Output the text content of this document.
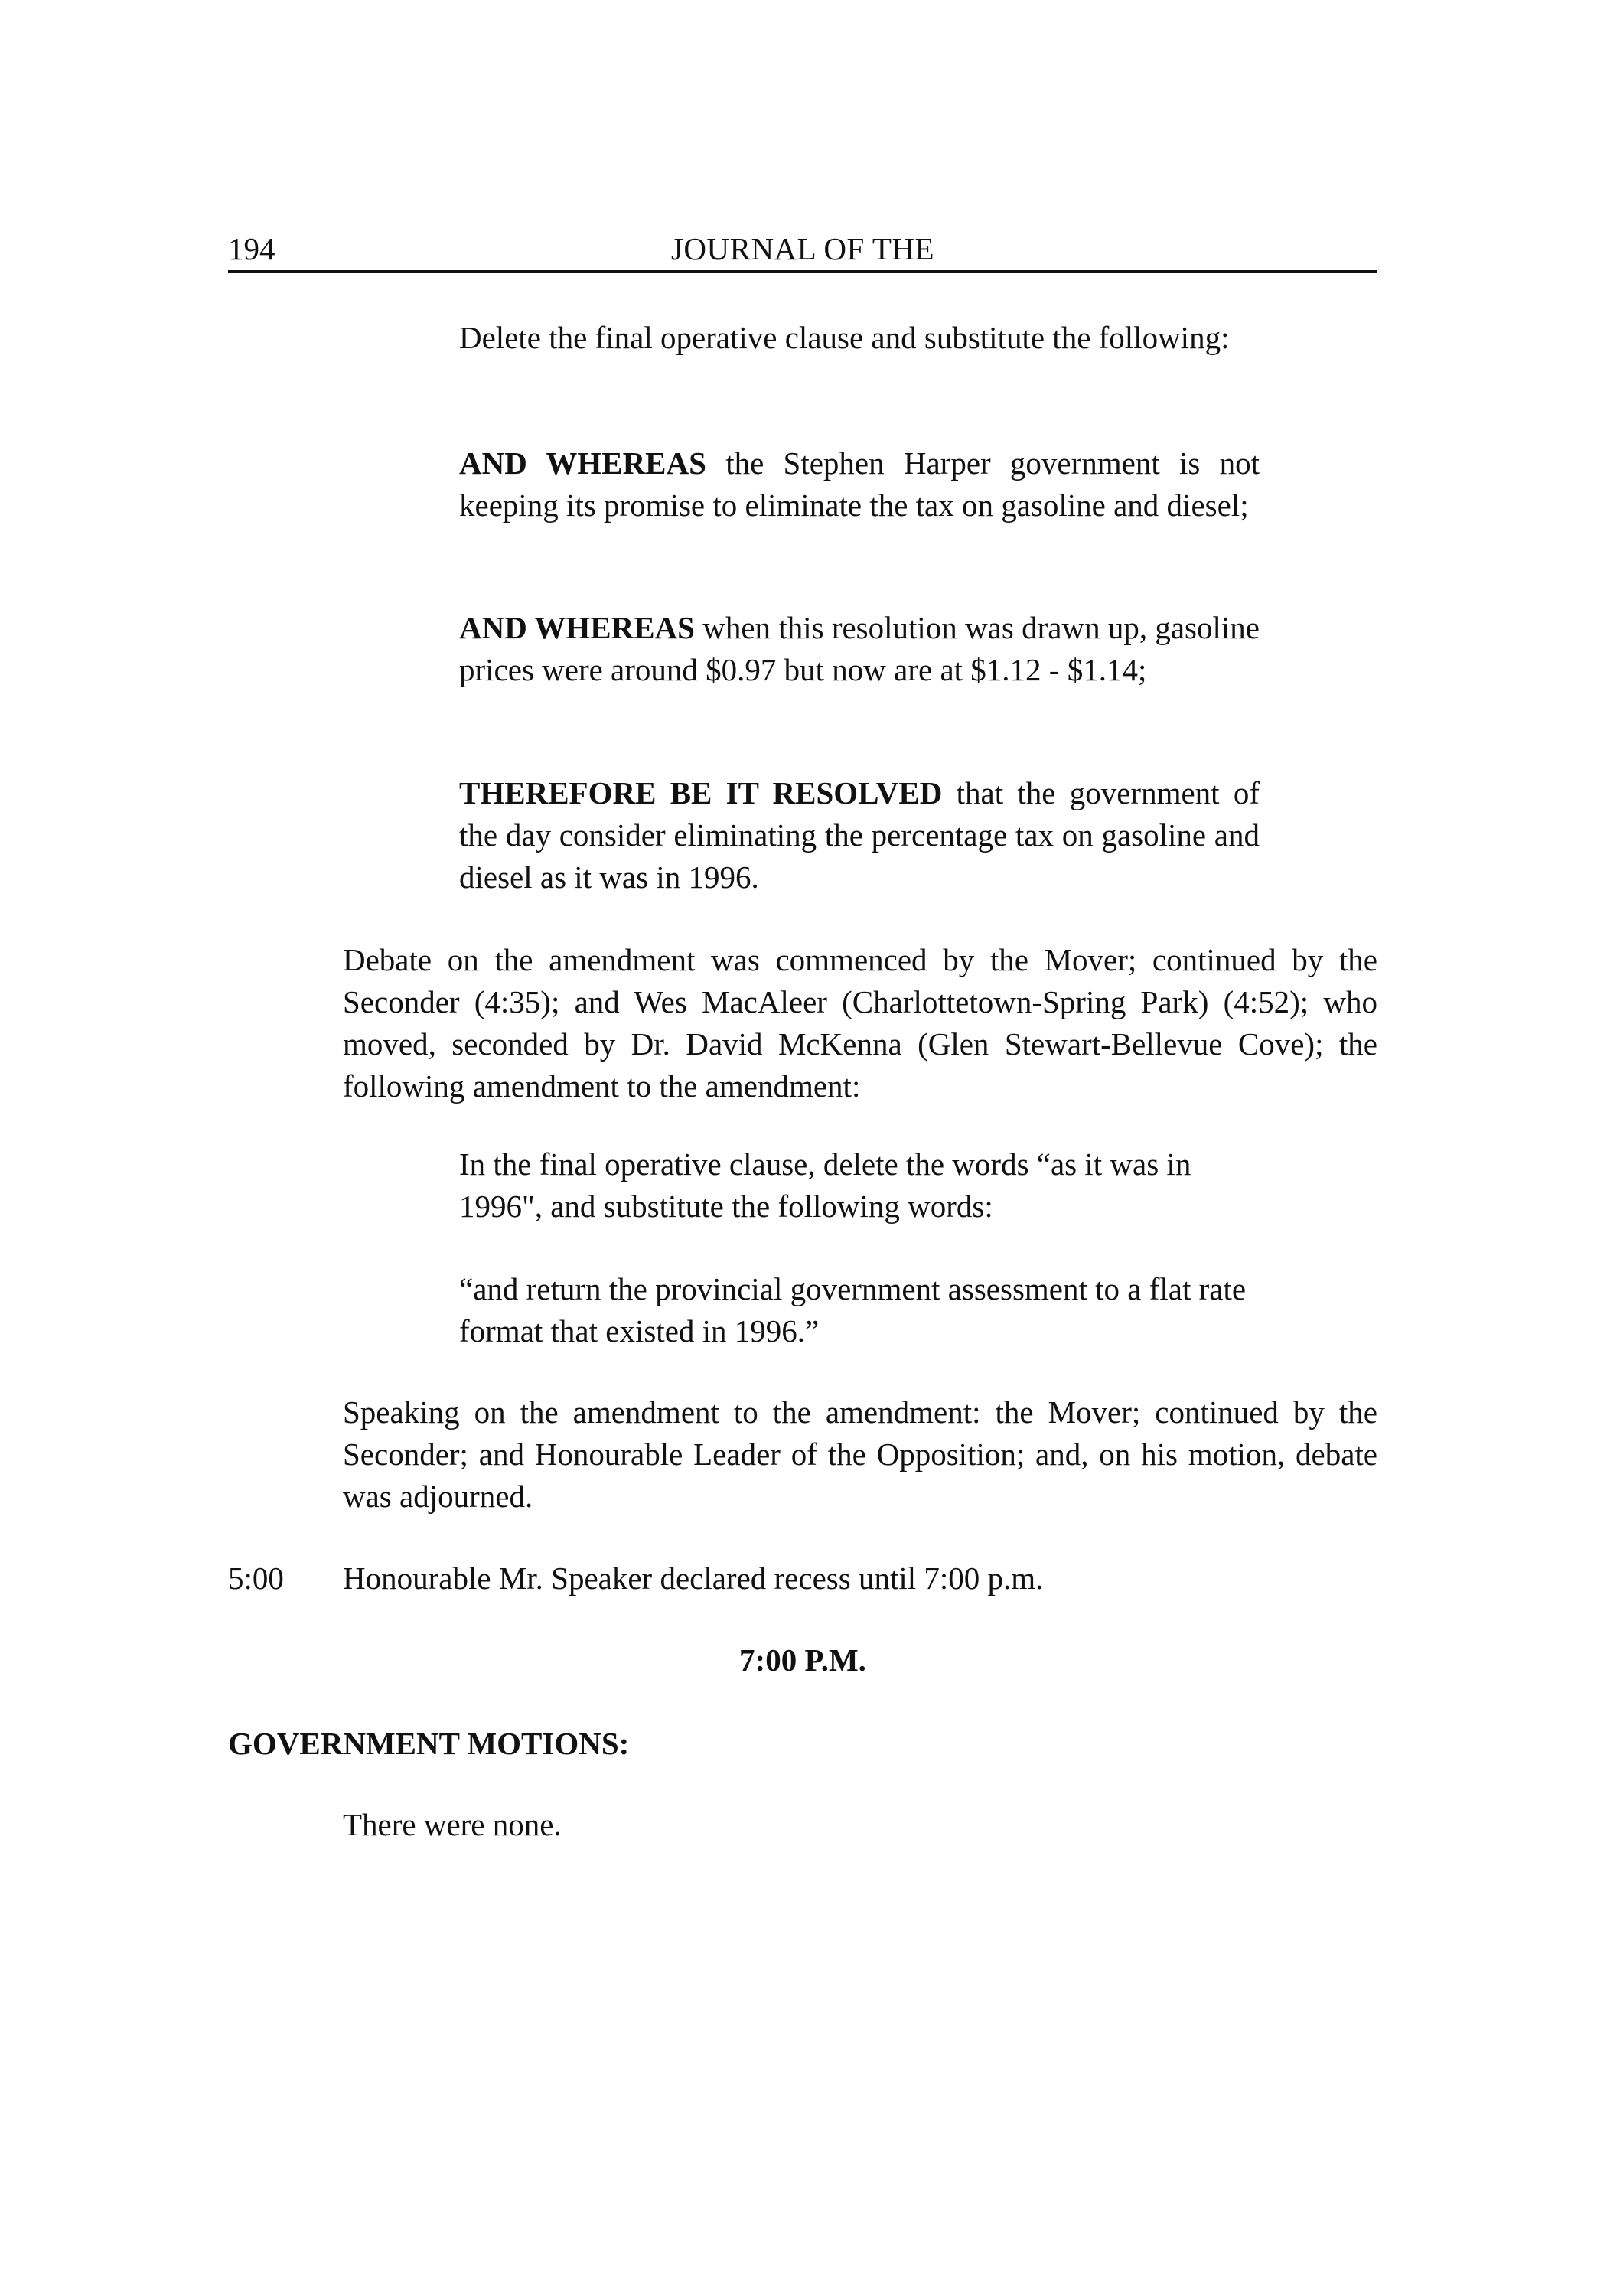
194	JOURNAL OF THE
Delete the final operative clause and substitute the following:
AND WHEREAS the Stephen Harper government is not keeping its promise to eliminate the tax on gasoline and diesel;
AND WHEREAS when this resolution was drawn up, gasoline prices were around $0.97 but now are at $1.12 - $1.14;
THEREFORE BE IT RESOLVED that the government of the day consider eliminating the percentage tax on gasoline and diesel as it was in 1996.
Debate on the amendment was commenced by the Mover; continued by the Seconder (4:35); and Wes MacAleer (Charlottetown-Spring Park) (4:52); who moved, seconded by Dr. David McKenna (Glen Stewart-Bellevue Cove); the following amendment to the amendment:
In the final operative clause, delete the words “as it was in 1996", and substitute the following words:
“and return the provincial government assessment to a flat rate format that existed in 1996.”
Speaking on the amendment to the amendment: the Mover; continued by the Seconder; and Honourable Leader of the Opposition; and, on his motion, debate was adjourned.
5:00 Honourable Mr. Speaker declared recess until 7:00 p.m.
7:00 P.M.
GOVERNMENT MOTIONS:
There were none.
